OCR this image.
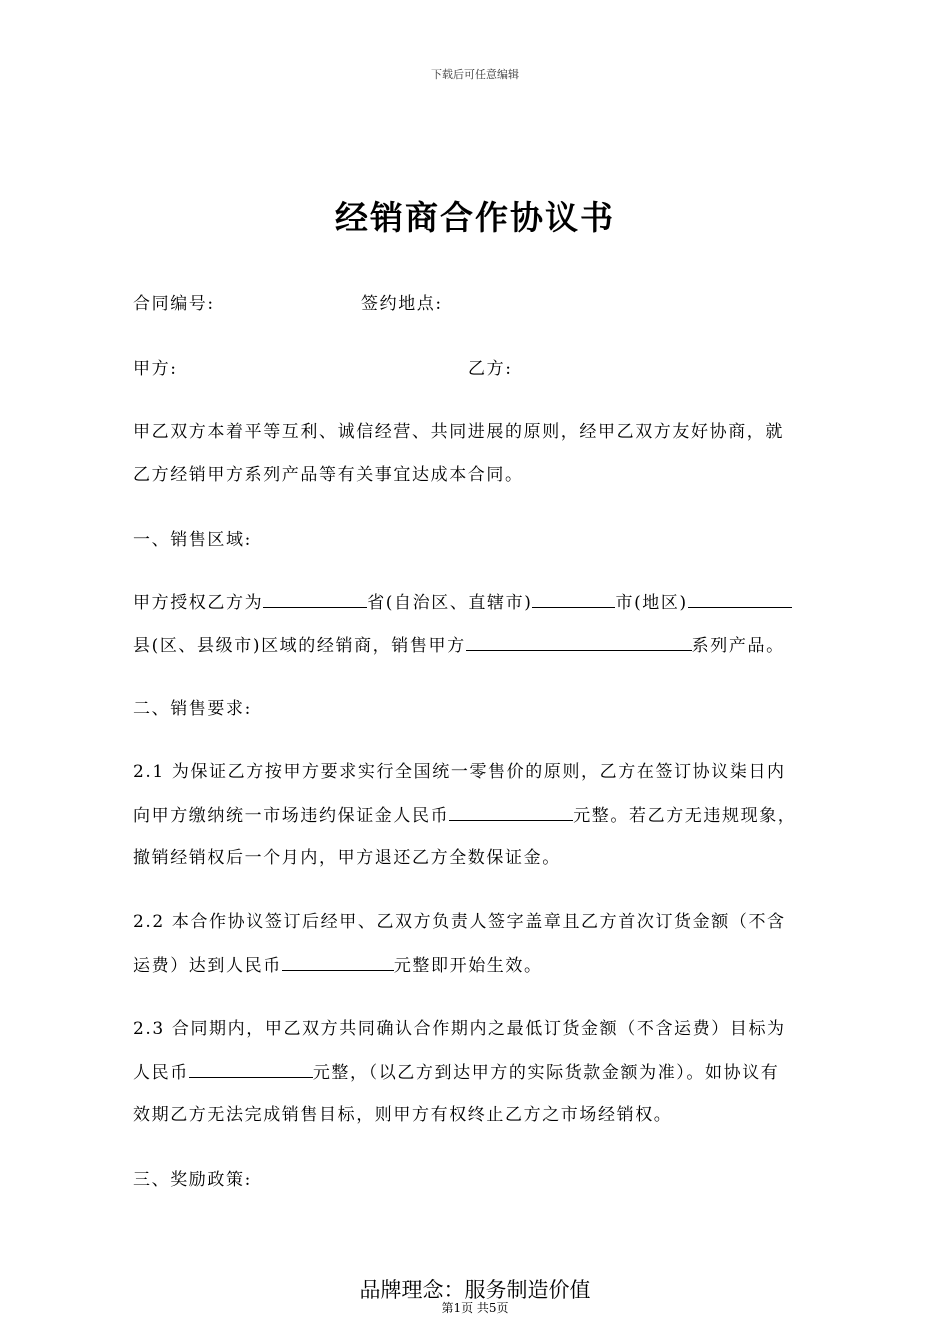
下载后可任意编辑
经销商合作协议书
合同编号:	签约地点:
甲方:	乙方:
甲乙双方本着平等互利、诚信经营、共同进展的原则，经甲乙双方友好协商，就
乙方经销甲方系列产品等有关事宜达成本合同。
一、销售区域:
甲方授权乙方为	省(自治区、直辖市)	市(地区)
县(区、县级市)区域的经销商，销售甲方	系列产品。
二、销售要求:
2.1 为保证乙方按甲方要求实行全国统一零售价的原则，乙方在签订协议柒日内
向甲方缴纳统一市场违约保证金人民币	元整。若乙方无违规现象，
撤销经销权后一个月内，甲方退还乙方全数保证金。
2.2 本合作协议签订后经甲、乙双方负责人签字盖章且乙方首次订货金额（不含
运费）达到人民币	元整即开始生效。
2.3 合同期内，甲乙双方共同确认合作期内之最低订货金额（不含运费）目标为
人民币	元整，（以乙方到达甲方的实际货款金额为准）。如协议有
效期乙方无法完成销售目标，则甲方有权终止乙方之市场经销权。
三、奖励政策:
品牌理念：服务制造价值
第1页 共5页
